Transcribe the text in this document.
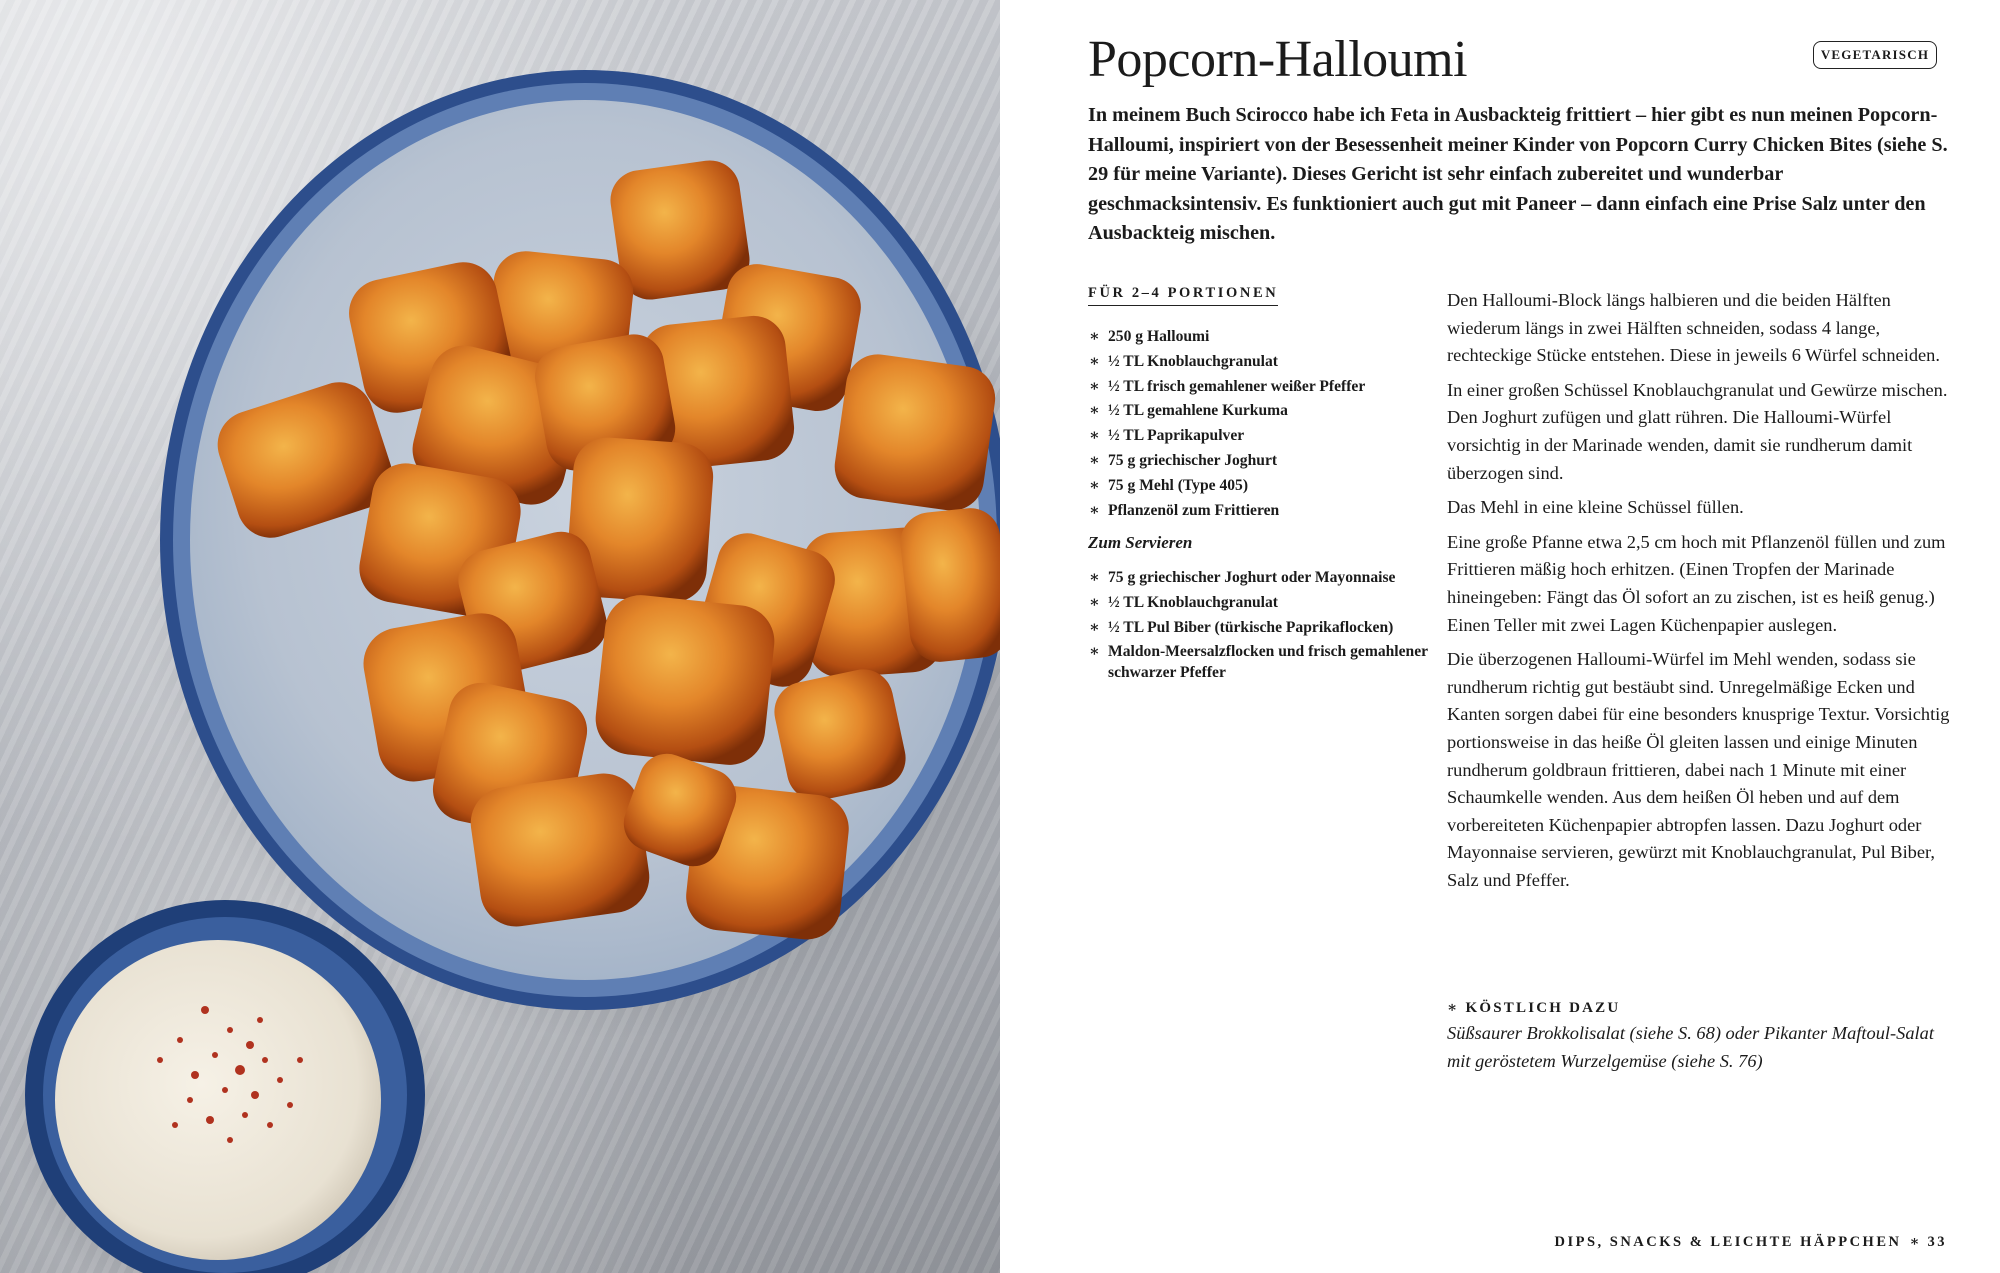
VEGETARISCH
Popcorn-Halloumi

In meinem Buch Scirocco habe ich Feta in Ausbackteig frittiert – hier gibt es nun meinen Popcorn-Halloumi, inspiriert von der Besessenheit meiner Kinder von Popcorn Curry Chicken Bites (siehe S. 29 für meine Variante). Dieses Gericht ist sehr einfach zubereitet und wunderbar geschmacksintensiv. Es funktioniert auch gut mit Paneer – dann einfach eine Prise Salz unter den Ausbackteig mischen.

FÜR 2–4 PORTIONEN
∗ 250 g Halloumi
∗ ½ TL Knoblauchgranulat
∗ ½ TL frisch gemahlener weißer Pfeffer
∗ ½ TL gemahlene Kurkuma
∗ ½ TL Paprikapulver
∗ 75 g griechischer Joghurt
∗ 75 g Mehl (Type 405)
∗ Pflanzenöl zum Frittieren
Zum Servieren
∗ 75 g griechischer Joghurt oder Mayonnaise
∗ ½ TL Knoblauchgranulat
∗ ½ TL Pul Biber (türkische Paprikaflocken)
∗ Maldon-Meersalzflocken und frisch gemahlener schwarzer Pfeffer

Den Halloumi-Block längs halbieren und die beiden Hälften wiederum längs in zwei Hälften schneiden, sodass 4 lange, rechteckige Stücke entstehen. Diese in jeweils 6 Würfel schneiden.

In einer großen Schüssel Knoblauchgranulat und Gewürze mischen. Den Joghurt zufügen und glatt rühren. Die Halloumi-Würfel vorsichtig in der Marinade wenden, damit sie rundherum damit überzogen sind.

Das Mehl in eine kleine Schüssel füllen.

Eine große Pfanne etwa 2,5 cm hoch mit Pflanzenöl füllen und zum Frittieren mäßig hoch erhitzen. (Einen Tropfen der Marinade hineingeben: Fängt das Öl sofort an zu zischen, ist es heiß genug.) Einen Teller mit zwei Lagen Küchenpapier auslegen.

Die überzogenen Halloumi-Würfel im Mehl wenden, sodass sie rundherum richtig gut bestäubt sind. Unregelmäßige Ecken und Kanten sorgen dabei für eine besonders knusprige Textur. Vorsichtig portionsweise in das heiße Öl gleiten lassen und einige Minuten rundherum goldbraun frittieren, dabei nach 1 Minute mit einer Schaumkelle wenden. Aus dem heißen Öl heben und auf dem vorbereiteten Küchenpapier abtropfen lassen. Dazu Joghurt oder Mayonnaise servieren, gewürzt mit Knoblauchgranulat, Pul Biber, Salz und Pfeffer.

∗ KÖSTLICH DAZU
Süßsaurer Brokkolisalat (siehe S. 68) oder Pikanter Maftoul-Salat mit geröstetem Wurzelgemüse (siehe S. 76)
DIPS, SNACKS & LEICHTE HÄPPCHEN ∗ 33
